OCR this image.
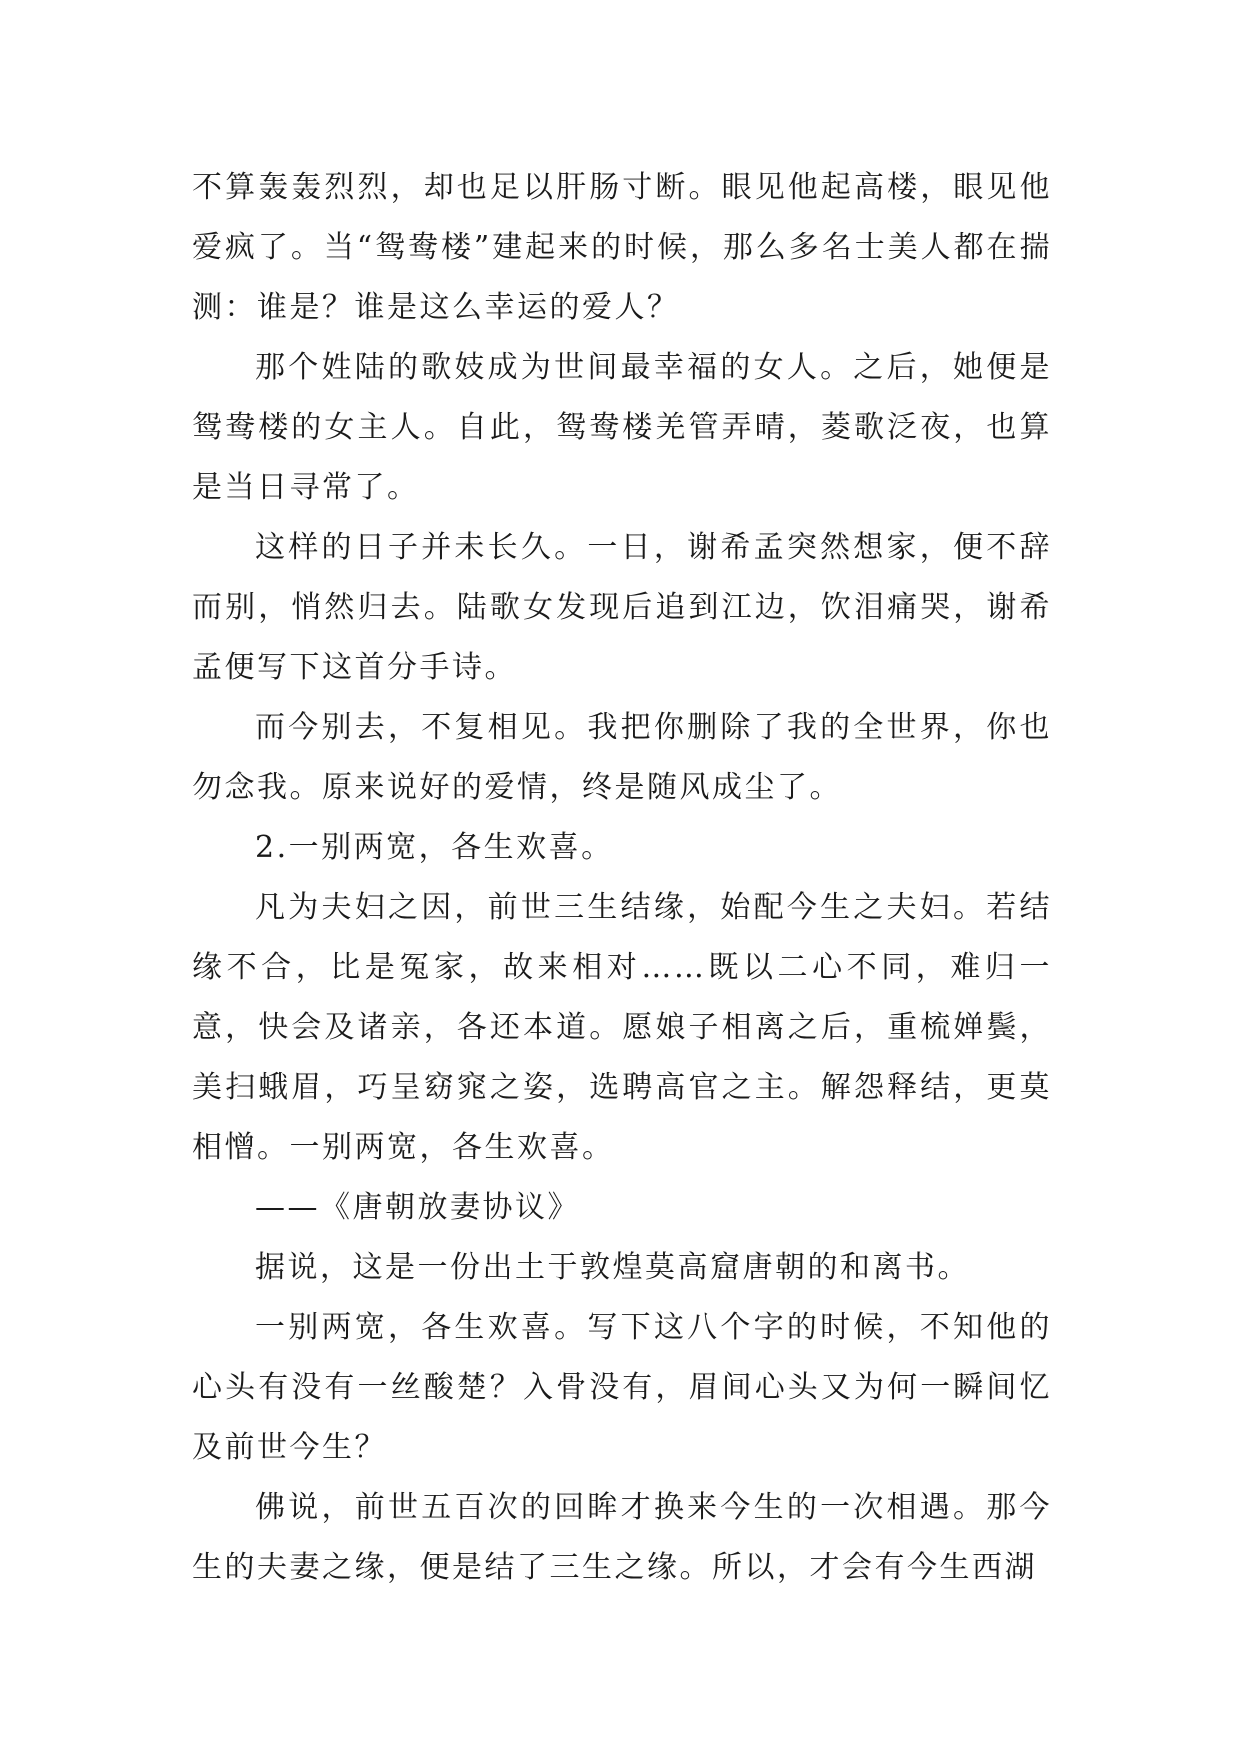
不算轰轰烈烈，却也足以肝肠寸断。眼见他起高楼，眼见他爱疯了。当“鸳鸯楼”建起来的时候，那么多名士美人都在揣测：谁是？谁是这么幸运的爱人？

那个姓陆的歌妓成为世间最幸福的女人。之后，她便是鸳鸯楼的女主人。自此，鸳鸯楼羌管弄晴，菱歌泛夜，也算是当日寻常了。

这样的日子并未长久。一日，谢希孟突然想家，便不辞而别，悄然归去。陆歌女发现后追到江边，饮泪痛哭，谢希孟便写下这首分手诗。

而今别去，不复相见。我把你删除了我的全世界，你也勿念我。原来说好的爱情，终是随风成尘了。

2.一别两宽，各生欢喜。

凡为夫妇之因，前世三生结缘，始配今生之夫妇。若结缘不合，比是冤家，故来相对……既以二心不同，难归一意，快会及诸亲，各还本道。愿娘子相离之后，重梳婵鬓，美扫蛾眉，巧呈窈窕之姿，选聘高官之主。解怨释结，更莫相憎。一别两宽，各生欢喜。

——《唐朝放妻协议》

据说，这是一份出土于敦煌莫高窟唐朝的和离书。

一别两宽，各生欢喜。写下这八个字的时候，不知他的心头有没有一丝酸楚？入骨没有，眉间心头又为何一瞬间忆及前世今生？

佛说，前世五百次的回眸才换来今生的一次相遇。那今生的夫妻之缘，便是结了三生之缘。所以，才会有今生西湖
